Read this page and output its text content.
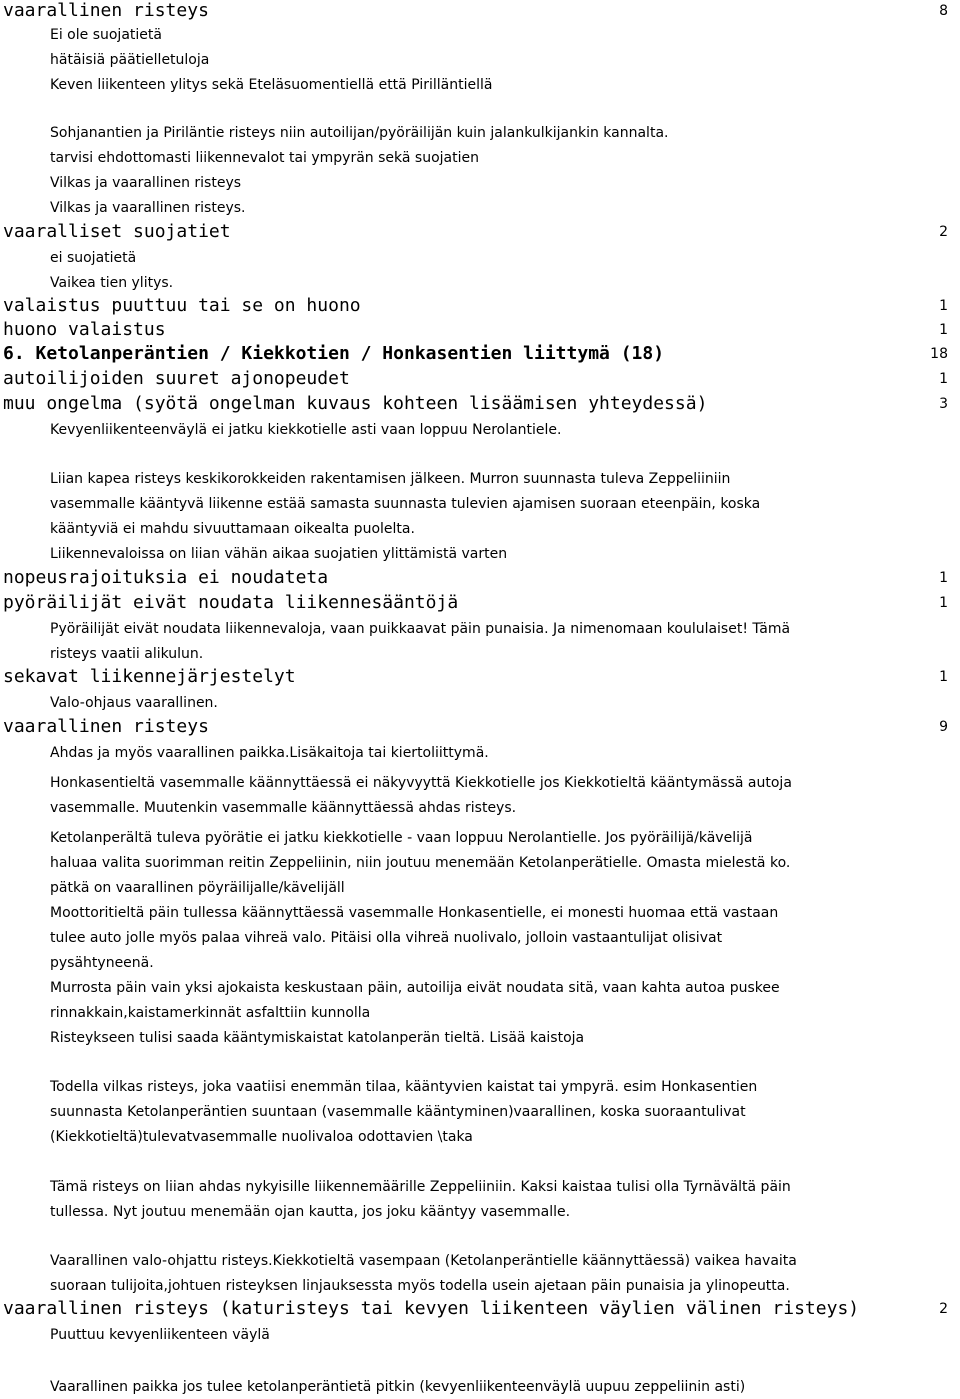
vaarallinen risteys	8
Ei ole suojatietä
hätäisiä päätielletuloja
Keven liikenteen ylitys sekä Eteläsuomentiellä että Pirilläntiellä
Sohjanantien ja Piriläntie risteys niin autoilijan/pyöräilijän kuin jalankulkijankin kannalta.
tarvisi ehdottomasti liikennevalot tai ympyrän sekä suojatien
Vilkas ja vaarallinen risteys
Vilkas ja vaarallinen risteys.
vaaralliset suojatiet	2
ei suojatietä
Vaikea tien ylitys.
valaistus puuttuu tai se on huono	1
huono valaistus	1
6. Ketolanperäntien / Kiekkotien / Honkasentien liittymä (18)	18
autoilijoiden suuret ajonopeudet	1
muu ongelma (syötä ongelman kuvaus kohteen lisäämisen yhteydessä)	3
Kevyenliikenteenväylä ei jatku kiekkotielle asti vaan loppuu Nerolantiele.
Liian kapea risteys keskikorokkeiden rakentamisen jälkeen. Murron suunnasta tuleva Zeppeliiniin
vasemmalle kääntyvä liikenne estää samasta suunnasta tulevien ajamisen suoraan eteenpäin, koska
kääntyviä ei mahdu sivuuttamaan oikealta puolelta.
Liikennevaloissa on liian vähän aikaa suojatien ylittämistä varten
nopeusrajoituksia ei noudateta	1
pyöräilijät eivät noudata liikennesääntöjä	1
Pyöräilijät eivät noudata liikennevaloja, vaan puikkaavat päin punaisia. Ja nimenomaan koululaiset! Tämä
risteys vaatii alikulun.
sekavat liikennejärjestelyt	1
Valo-ohjaus vaarallinen.
vaarallinen risteys	9
Ahdas ja myös vaarallinen paikka.Lisäkaitoja tai kiertoliittymä.
Honkasentieltä vasemmalle käännyttäessä ei näkyvyyttä Kiekkotielle jos Kiekkotieltä kääntymässä autoja
vasemmalle. Muutenkin vasemmalle käännyttäessä ahdas risteys.
Ketolanperältä tuleva pyörätie ei jatku kiekkotielle - vaan loppuu Nerolantielle. Jos pyöräilijä/kävelijä
haluaa valita suorimman reitin Zeppeliinin, niin joutuu menemään Ketolanperätielle. Omasta mielestä ko.
pätkä on vaarallinen pöyräilijalle/kävelijäll
Moottoritieltä päin tullessa käännyttäessä vasemmalle Honkasentielle, ei monesti huomaa että vastaan
tulee auto jolle myös palaa vihreä valo. Pitäisi olla vihreä nuolivalo, jolloin vastaantulijat olisivat
pysähtyneenä.
Murrosta päin vain yksi ajokaista keskustaan päin, autoilija eivät noudata sitä, vaan kahta autoa puskee
rinnakkain,kaistamerkinnät asfalttiin kunnolla
Risteykseen tulisi saada kääntymiskaistat katolanperän tieltä. Lisää kaistoja
Todella vilkas risteys, joka vaatiisi enemmän tilaa, kääntyvien kaistat tai ympyrä. esim Honkasentien
suunnasta Ketolanperäntien suuntaan (vasemmalle kääntyminen)vaarallinen, koska suoraantulivat
(Kiekkotieltä)tulevatvasemmalle nuolivaloa odottavien \taka
Tämä risteys on liian ahdas nykyisille liikennemäärille Zeppeliiniin. Kaksi kaistaa tulisi olla Tyrnävältä päin
tullessa. Nyt joutuu menemään ojan kautta, jos joku kääntyy vasemmalle.
Vaarallinen valo-ohjattu risteys.Kiekkotieltä vasempaan (Ketolanperäntielle käännyttäessä) vaikea havaita
suoraan tulijoita,johtuen risteyksen linjauksessta myös todella usein ajetaan päin punaisia ja ylinopeutta.
vaarallinen risteys (katuristeys tai kevyen liikenteen väylien välinen risteys)	2
Puuttuu kevyenliikenteen väylä
Vaarallinen paikka jos tulee ketolanperäntietä pitkin (kevyenliikenteenväylä uupuu zeppeliinin asti)
